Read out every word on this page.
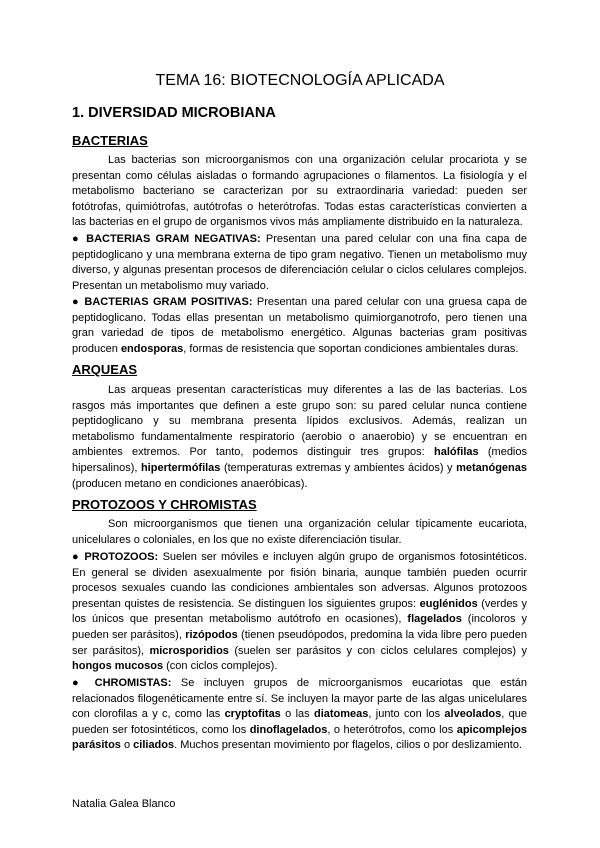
TEMA 16: BIOTECNOLOGÍA APLICADA
1. DIVERSIDAD MICROBIANA
BACTERIAS

Las bacterias son microorganismos con una organización celular procariota y se presentan como células aisladas o formando agrupaciones o filamentos. La fisiología y el metabolismo bacteriano se caracterizan por su extraordinaria variedad: pueden ser fotótrofas, quimiótrofas, autótrofas o heterótrofas. Todas estas características convierten a las bacterias en el grupo de organismos vivos más ampliamente distribuido en la naturaleza.

● BACTERIAS GRAM NEGATIVAS: Presentan una pared celular con una fina capa de peptidoglicano y una membrana externa de tipo gram negativo. Tienen un metabolismo muy diverso, y algunas presentan procesos de diferenciación celular o ciclos celulares complejos. Presentan un metabolismo muy variado.

● BACTERIAS GRAM POSITIVAS: Presentan una pared celular con una gruesa capa de peptidoglicano. Todas ellas presentan un metabolismo quimiorganotrofo, pero tienen una gran variedad de tipos de metabolismo energético. Algunas bacterias gram positivas producen endosporas, formas de resistencia que soportan condiciones ambientales duras.

ARQUEAS

Las arqueas presentan características muy diferentes a las de las bacterias. Los rasgos más importantes que definen a este grupo son: su pared celular nunca contiene peptidoglicano y su membrana presenta lípidos exclusivos. Además, realizan un metabolismo fundamentalmente respiratorio (aerobio o anaerobio) y se encuentran en ambientes extremos. Por tanto, podemos distinguir tres grupos: halófilas (medios hipersalinos), hipertermófilas (temperaturas extremas y ambientes ácidos) y metanógenas (producen metano en condiciones anaeróbicas).

PROTOZOOS Y CHROMISTAS

Son microorganismos que tienen una organización celular típicamente eucariota, unicelulares o coloniales, en los que no existe diferenciación tisular.

● PROTOZOOS: Suelen ser móviles e incluyen algún grupo de organismos fotosintéticos. En general se dividen asexualmente por fisión binaria, aunque también pueden ocurrir procesos sexuales cuando las condiciones ambientales son adversas. Algunos protozoos presentan quistes de resistencia. Se distinguen los siguientes grupos: euglénidos (verdes y los únicos que presentan metabolismo autótrofo en ocasiones), flagelados (incoloros y pueden ser parásitos), rizópodos (tienen pseudópodos, predomina la vida libre pero pueden ser parásitos), microsporidios (suelen ser parásitos y con ciclos celulares complejos) y hongos mucosos (con ciclos complejos).

● CHROMISTAS: Se incluyen grupos de microorganismos eucariotas que están relacionados filogenéticamente entre sí. Se incluyen la mayor parte de las algas unicelulares con clorofilas a y c, como las cryptofitas o las diatomeas, junto con los alveolados, que pueden ser fotosintéticos, como los dinoflagelados, o heterótrofos, como los apicomplejos parásitos o ciliados. Muchos presentan movimiento por flagelos, cilios o por deslizamiento.

Natalia Galea Blanco
